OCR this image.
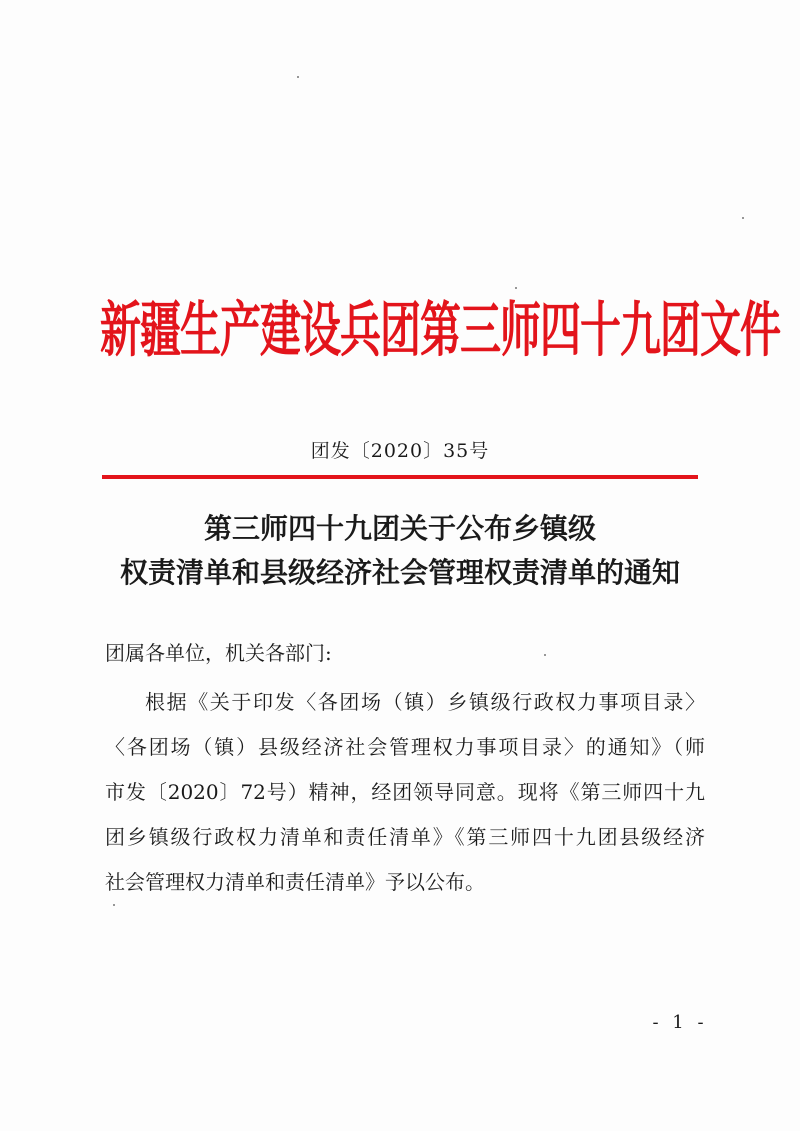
新疆生产建设兵团第三师四十九团文件
团发〔2020〕35号
第三师四十九团关于公布乡镇级
权责清单和县级经济社会管理权责清单的通知
团属各单位，机关各部门:
根据《关于印发〈各团场（镇）乡镇级行政权力事项目录〉
〈各团场（镇）县级经济社会管理权力事项目录〉的通知》（师
市发〔2020〕72号）精神，经团领导同意。现将《第三师四十九
团乡镇级行政权力清单和责任清单》《第三师四十九团县级经济
社会管理权力清单和责任清单》予以公布。
- 1 -
